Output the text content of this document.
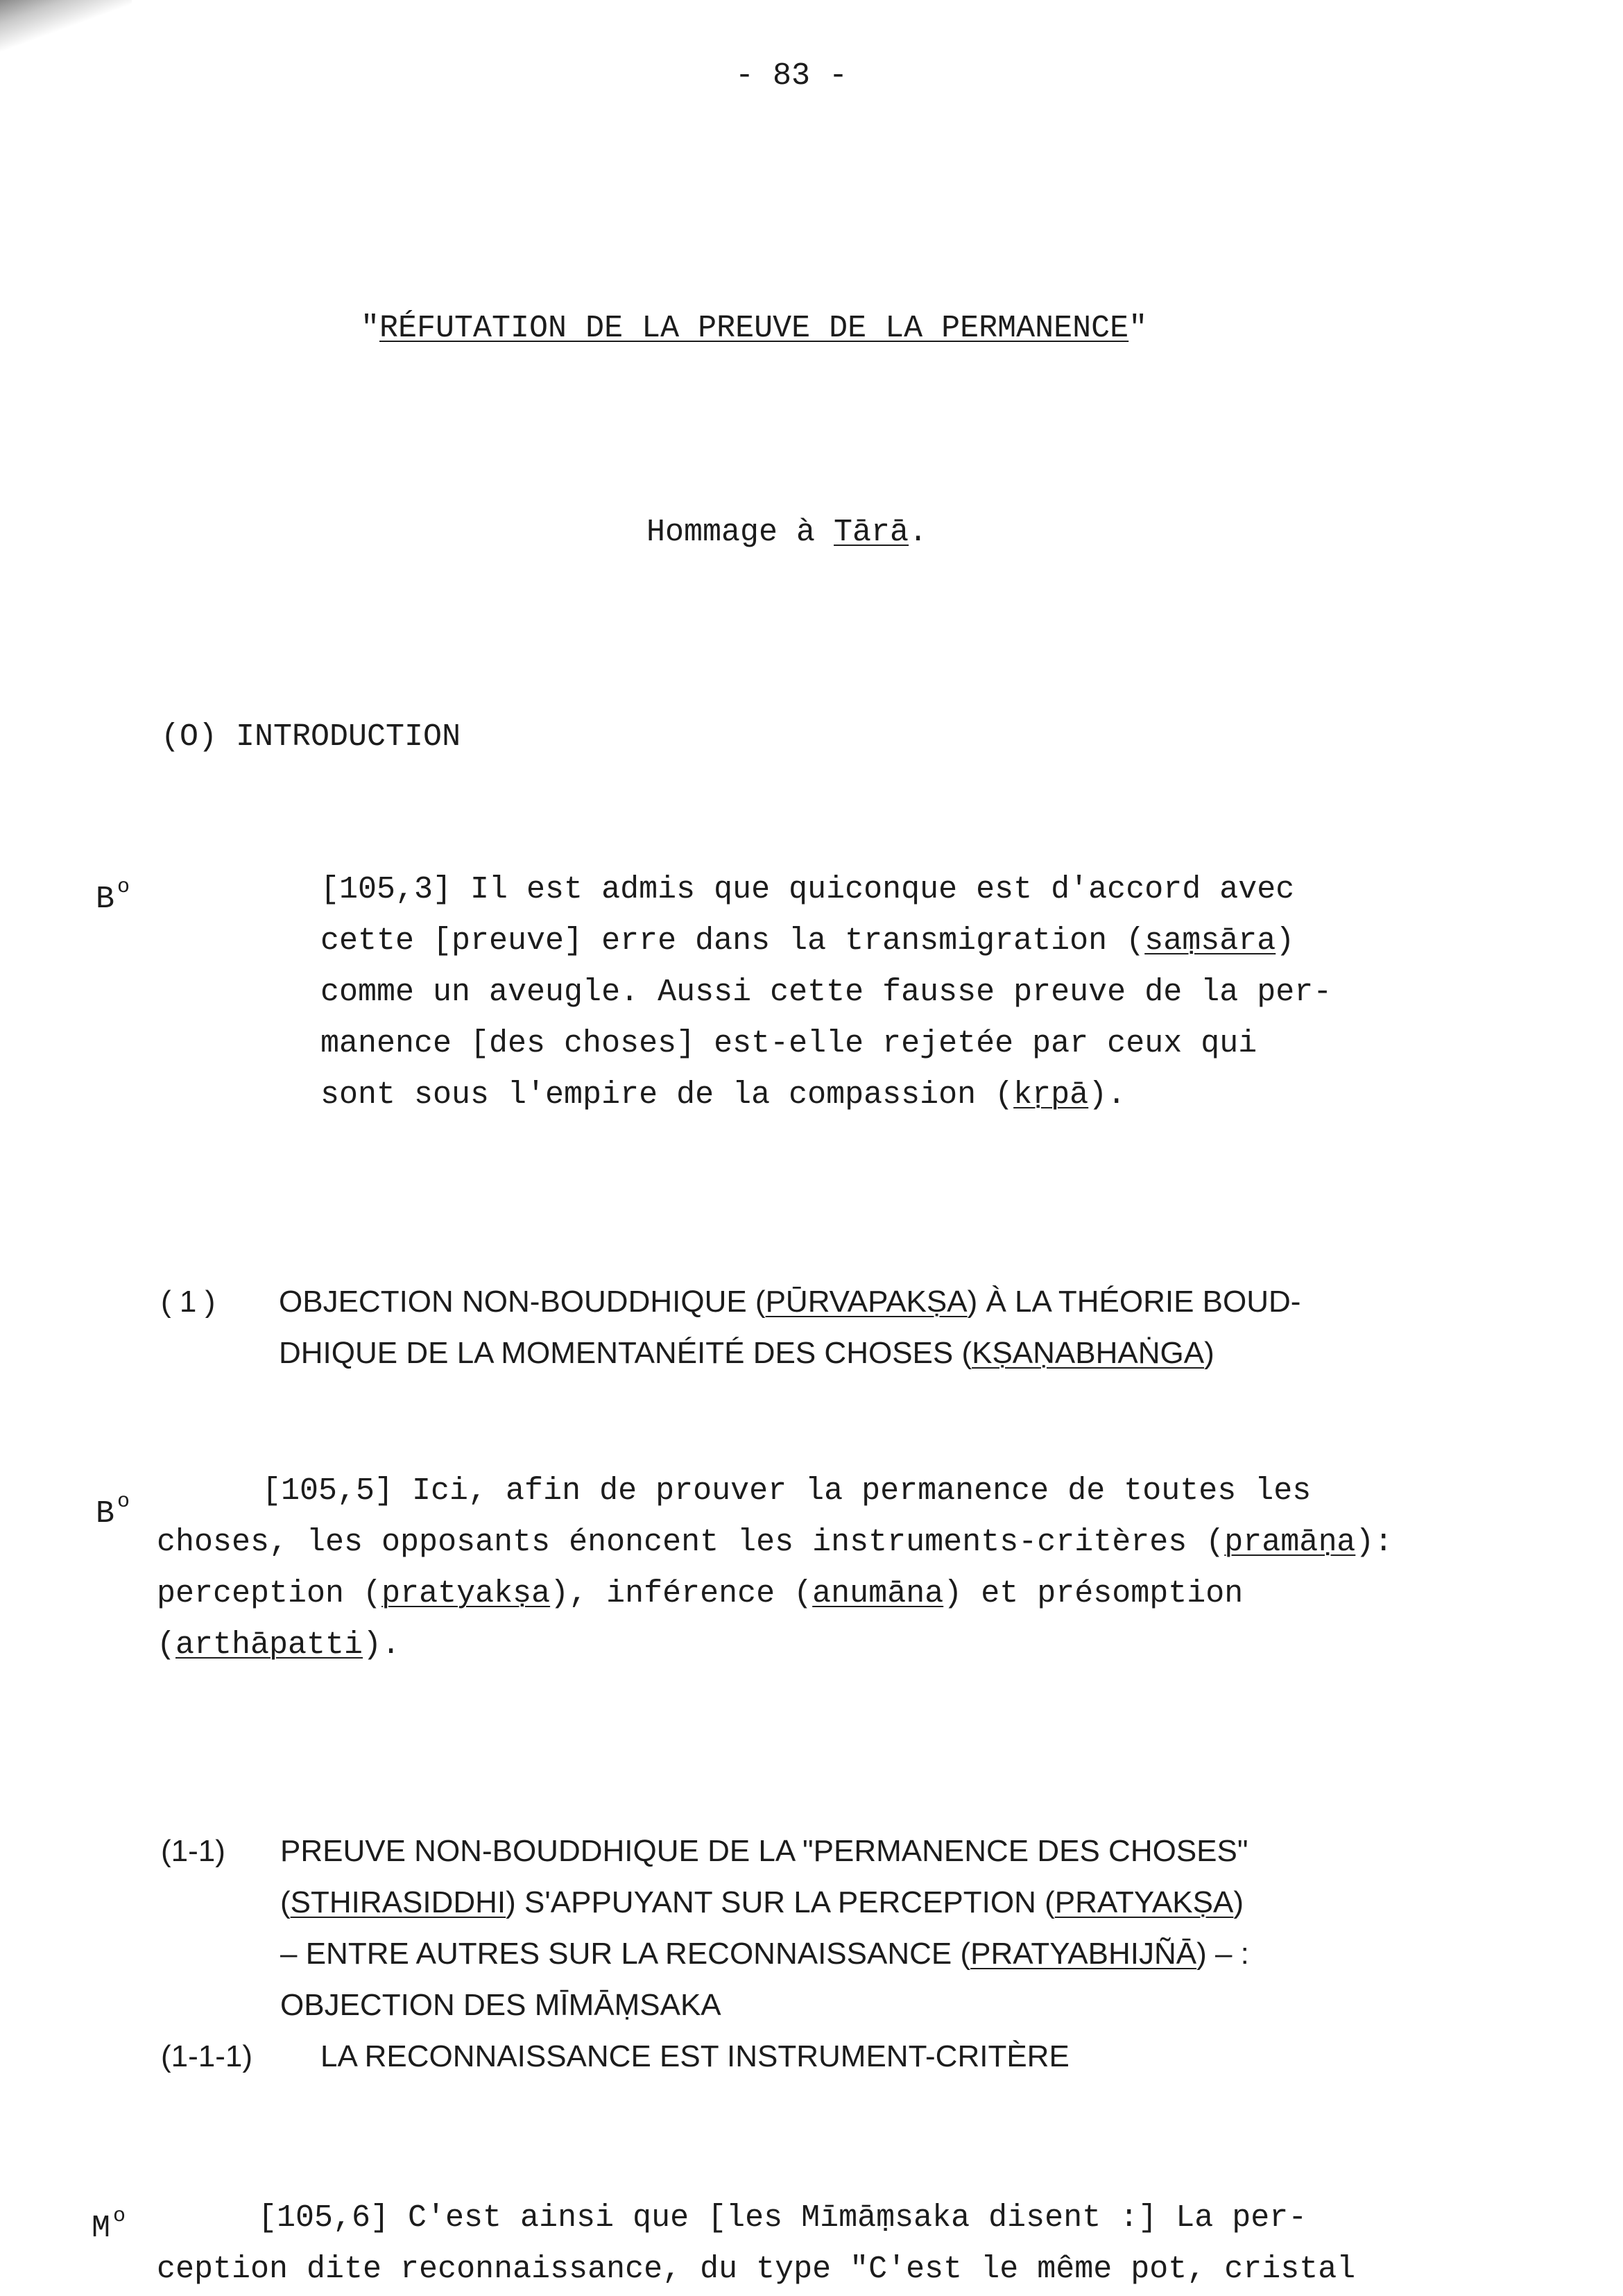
- 83 -
"RÉFUTATION DE LA PREUVE DE LA PERMANENCE"
Hommage à Tārā.
(O) INTRODUCTION
B $^o$	[105,3] Il est admis que quiconque est d'accord avec
cette [preuve] erre dans la transmigration (saṃsāra)
comme un aveugle. Aussi cette fausse preuve de la per-
manence [des choses] est-elle rejetée par ceux qui
sont sous l'empire de la compassion (kṛpā).
( 1 ) OBJECTION NON-BOUDDHIQUE (PŪRVAPAKṢA) À LA THÉORIE BOUD-
DHIQUE DE LA MOMENTANÉITÉ DES CHOSES (KṢAṆABHAṄGA)
B $^o$	[105,5] Ici, afin de prouver la permanence de toutes les
choses, les opposants énoncent les instruments-critères (pramāṇa):
perception (pratyakṣa), inférence (anumāna) et présomption
(arthāpatti).
(1-1) PREUVE NON-BOUDDHIQUE DE LA "PERMANENCE DES CHOSES"
(STHIRASIDDHI) S'APPUYANT SUR LA PERCEPTION (PRATYAKṢA)
– ENTRE AUTRES SUR LA RECONNAISSANCE (PRATYABHIJÑĀ) – :
OBJECTION DES MĪMĀṂSAKA
(1-1-1) LA RECONNAISSANCE EST INSTRUMENT-CRITÈRE
M $^o$	[105,6] C'est ainsi que [les Mīmāṃsaka disent :] La per-
ception dite reconnaissance, du type "C'est le même pot, cristal
